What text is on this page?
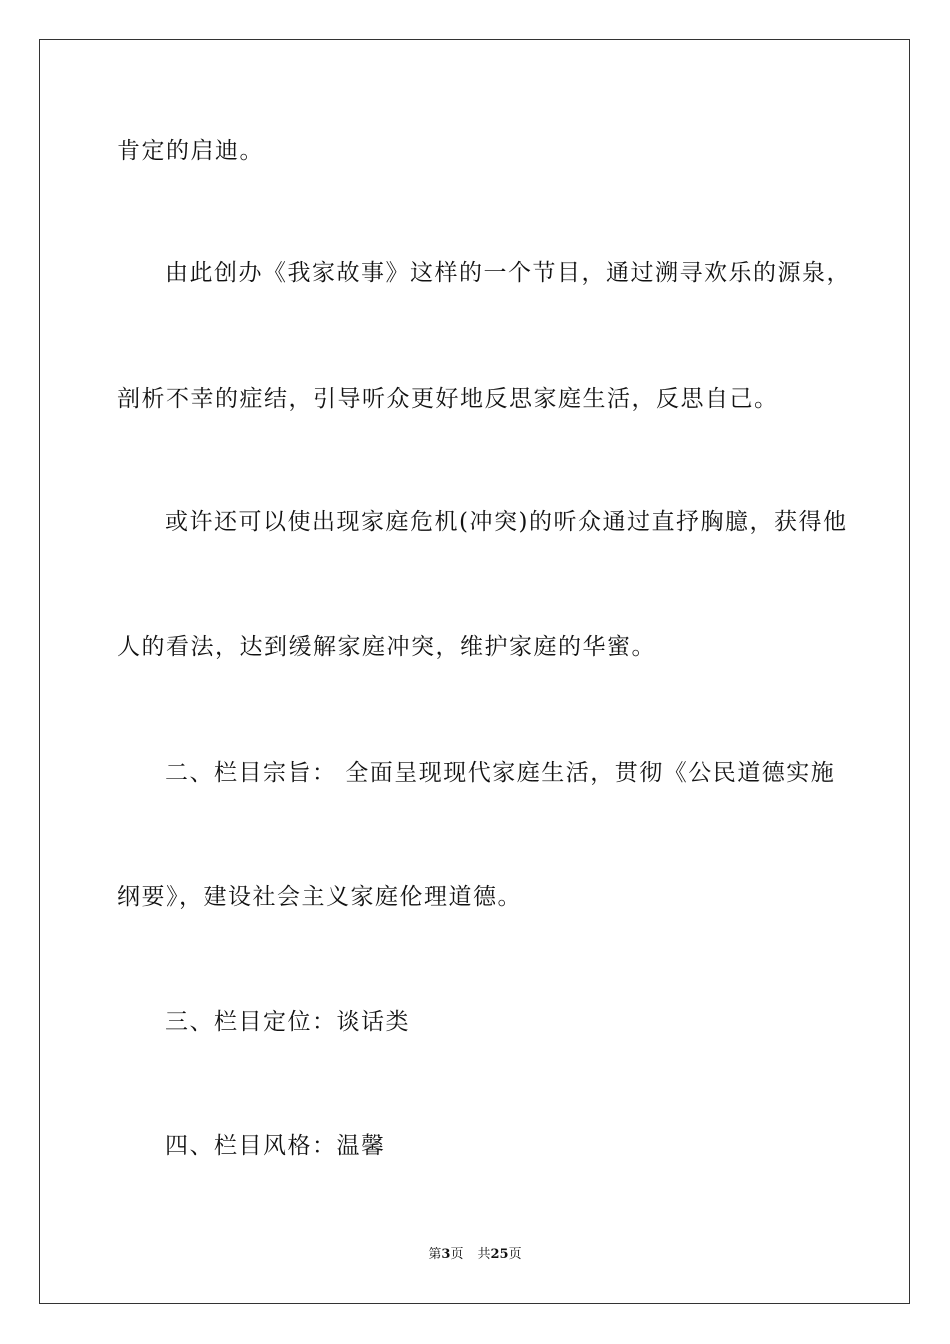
肯定的启迪。
由此创办《我家故事》这样的一个节目，通过溯寻欢乐的源泉，
剖析不幸的症结，引导听众更好地反思家庭生活，反思自己。
或许还可以使出现家庭危机(冲突)的听众通过直抒胸臆，获得他
人的看法，达到缓解家庭冲突，维护家庭的华蜜。
二、栏目宗旨： 全面呈现现代家庭生活，贯彻《公民道德实施
纲要》，建设社会主义家庭伦理道德。
三、栏目定位：谈话类
四、栏目风格：温馨
第3页 共25页
